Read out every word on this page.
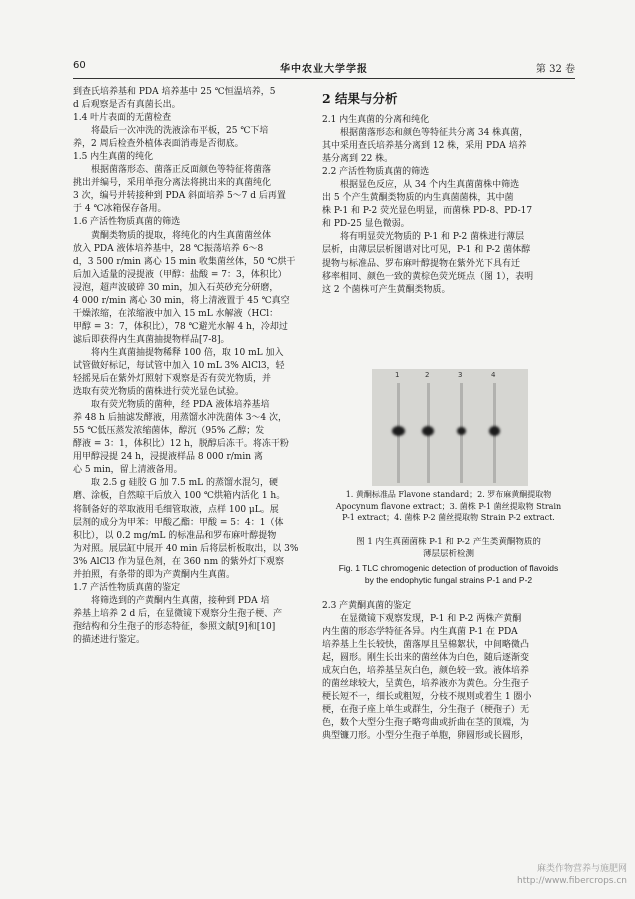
60	华中农业大学学报	第 32 卷
到查氏培养基和 PDA 培养基中 25 ℃恒温培养，5
d 后观察是否有真菌长出。
1.4 叶片表面的无菌检查
将最后一次冲洗的洗液涂布平板，25 ℃下培
养，2 周后检查外植体表面消毒是否彻底。
1.5 内生真菌的纯化
根据菌落形态、菌落正反面颜色等特征将菌落
挑出并编号，采用单孢分离法将挑出来的真菌纯化
3 次，编号并转接种到 PDA 斜面培养 5～7 d 后再置
于 4 ℃冰箱保存备用。
1.6 产活性物质真菌的筛选
黄酮类物质的提取，将纯化的内生真菌菌丝体
放入 PDA 液体培养基中，28 ℃振荡培养 6～8
d，3 500 r/min 离心 15 min 收集菌丝体，50 ℃烘干
后加入适量的浸提液（甲醇：盐酸 = 7：3，体积比）
浸泡，超声波破碎 30 min，加入石英砂充分研磨，
4 000 r/min 离心 30 min，将上清液置于 45 ℃真空
干燥浓缩，在浓缩液中加入 15 mL 水解液（HCl：
甲醇 = 3：7，体积比），78 ℃避光水解 4 h，冷却过
滤后即获得内生真菌抽提物样品[7-8]。
将内生真菌抽提物稀释 100 倍，取 10 mL 加入
试管做好标记，每试管中加入 10 mL 3% AlCl3，轻
轻摇晃后在紫外灯照射下观察是否有荧光物质，并
选取有荧光物质的菌株进行荧光显色试验。
取有荧光物质的菌种，经 PDA 液体培养基培
养 48 h 后抽滤发酵液，用蒸馏水冲洗菌体 3～4 次，
55 ℃低压蒸发浓缩菌体，醇沉（95% 乙醇；发
酵液 = 3：1，体积比）12 h，脱醇后冻干。将冻干粉
用甲醇浸提 24 h，浸提液样品 8 000 r/min 离
心 5 min，留上清液备用。
取 2.5 g 硅胶 G 加 7.5 mL 的蒸馏水混匀，硬
磨、涂板，自然晾干后放入 100 ℃烘箱内活化 1 h。
将制备好的萃取液用毛细管取液，点样 100 μL。展
层剂的成分为甲苯：甲酸乙酯：甲酸 = 5：4：1（体
积比），以 0.2 mg/mL 的标准品和罗布麻叶醇提物
为对照。展层缸中展开 40 min 后将层析板取出，以 3%
3% AlCl3 作为显色剂，在 360 nm 的紫外灯下观察
并拍照，有条带的即为产黄酮内生真菌。
1.7 产活性物质真菌的鉴定
将筛选到的产黄酮内生真菌，接种到 PDA 培
养基上培养 2 d 后，在显微镜下观察分生孢子梗、产
孢结构和分生孢子的形态特征，参照文献[9]和[10]
的描述进行鉴定。
2 结果与分析
2.1 内生真菌的分离和纯化
根据菌落形态和颜色等特征共分离 34 株真菌，
其中采用查氏培养基分离到 12 株，采用 PDA 培养
基分离到 22 株。
2.2 产活性物质真菌的筛选
根据显色反应，从 34 个内生真菌菌株中筛选
出 5 个产生黄酮类物质的内生真菌菌株，其中菌
株 P-1 和 P-2 荧光显色明显，而菌株 PD-8、PD-17
和 PD-25 显色微弱。
将有明显荧光物质的 P-1 和 P-2 菌株进行薄层
层析，由薄层层析图谱对比可见，P-1 和 P-2 菌体醇
提物与标准品、罗布麻叶醇提物在紫外光下具有迁
移率相同、颜色一致的黄棕色荧光斑点（图 1），表明
这 2 个菌株可产生黄酮类物质。
1	2	3	4
1. 黄酮标准品 Flavone standard；2. 罗布麻黄酮提取物
Apocynum flavone extract；3. 菌株 P-1 菌丝提取物 Strain
P-1 extract；4. 菌株 P-2 菌丝提取物 Strain P-2 extract.
图 1 内生真菌菌株 P-1 和 P-2 产生类黄酮物质的
薄层层析检测
Fig. 1 TLC chromogenic detection of production of flavoids
by the endophytic fungal strains P-1 and P-2
2.3 产黄酮真菌的鉴定
在显微镜下观察发现，P-1 和 P-2 两株产黄酮
内生菌的形态学特征各异。内生真菌 P-1 在 PDA
培养基上生长较快，菌落厚且呈棉絮状，中间略微凸
起，圆形。刚生长出来的菌丝体为白色，随后逐渐变
成灰白色，培养基呈灰白色，颜色较一致。液体培养
的菌丝球较大，呈黄色，培养液亦为黄色。分生孢子
梗长短不一，细长或粗短，分枝不规则或着生 1 圈小
梗，在孢子座上单生或群生，分生孢子（梗孢子）无
色，数个大型分生孢子略弯曲或折曲在茎的顶端，为
典型镰刀形。小型分生孢子单胞，卵圆形或长圆形，
麻类作物营养与施肥网
http://www.fibercrops.cn
